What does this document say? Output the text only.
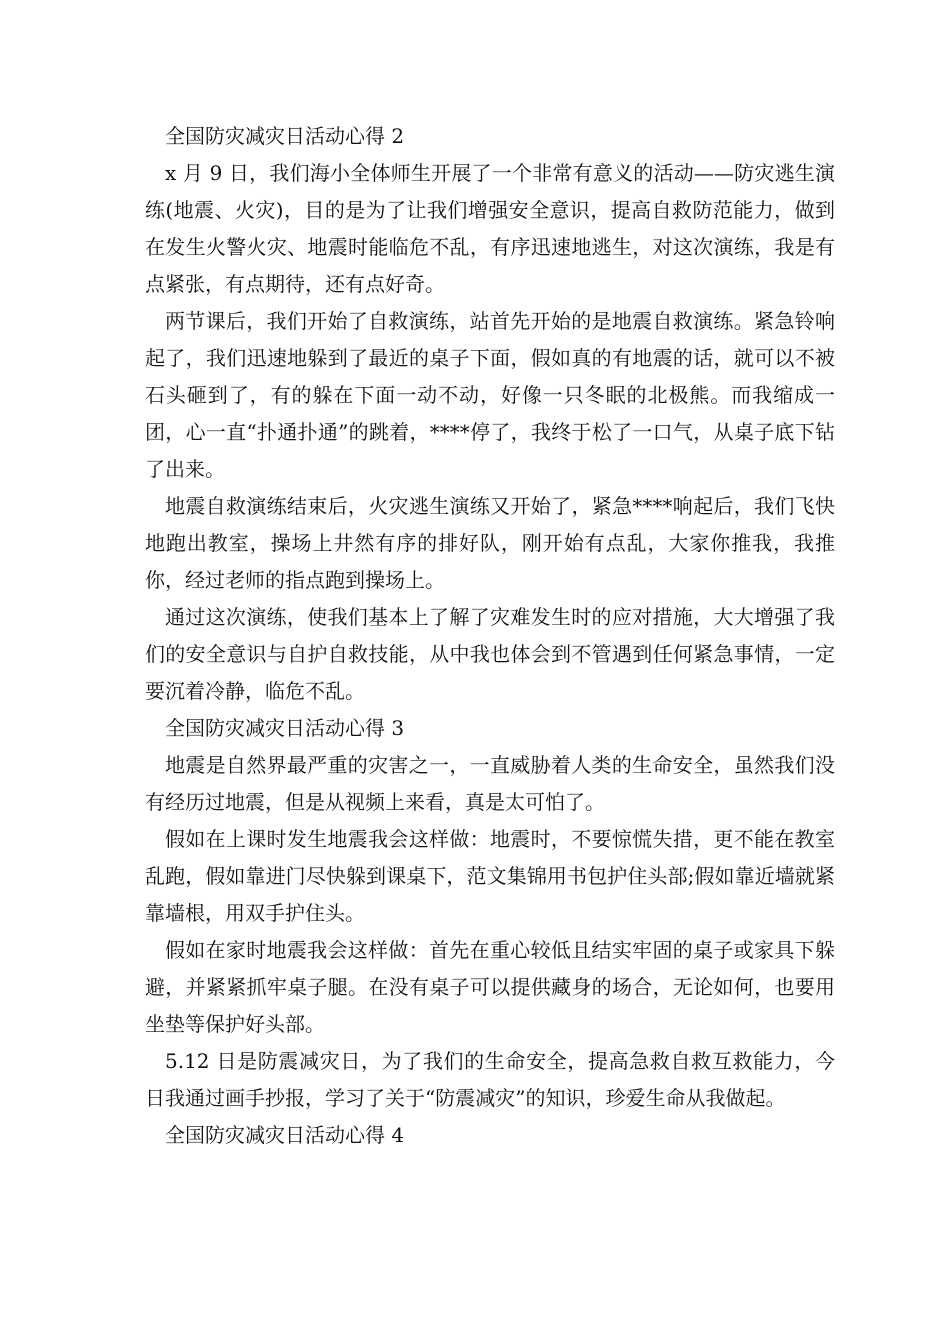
全国防灾减灾日活动心得 2

x 月 9 日，我们海小全体师生开展了一个非常有意义的活动——防灾逃生演练(地震、火灾)，目的是为了让我们增强安全意识，提高自救防范能力，做到在发生火警火灾、地震时能临危不乱，有序迅速地逃生，对这次演练，我是有点紧张，有点期待，还有点好奇。

两节课后，我们开始了自救演练，站首先开始的是地震自救演练。紧急铃响起了，我们迅速地躲到了最近的桌子下面，假如真的有地震的话，就可以不被石头砸到了，有的躲在下面一动不动，好像一只冬眠的北极熊。而我缩成一团，心一直“扑通扑通”的跳着，****停了，我终于松了一口气，从桌子底下钻了出来。

地震自救演练结束后，火灾逃生演练又开始了，紧急****响起后，我们飞快地跑出教室，操场上井然有序的排好队，刚开始有点乱，大家你推我，我推你，经过老师的指点跑到操场上。

通过这次演练，使我们基本上了解了灾难发生时的应对措施，大大增强了我们的安全意识与自护自救技能，从中我也体会到不管遇到任何紧急事情，一定要沉着冷静，临危不乱。

全国防灾减灾日活动心得 3

地震是自然界最严重的灾害之一，一直威胁着人类的生命安全，虽然我们没有经历过地震，但是从视频上来看，真是太可怕了。

假如在上课时发生地震我会这样做：地震时，不要惊慌失措，更不能在教室乱跑，假如靠进门尽快躲到课桌下，范文集锦用书包护住头部;假如靠近墙就紧靠墙根，用双手护住头。

假如在家时地震我会这样做：首先在重心较低且结实牢固的桌子或家具下躲避，并紧紧抓牢桌子腿。在没有桌子可以提供藏身的场合，无论如何，也要用坐垫等保护好头部。

5.12 日是防震减灾日，为了我们的生命安全，提高急救自救互救能力，今日我通过画手抄报，学习了关于“防震减灾”的知识，珍爱生命从我做起。

全国防灾减灾日活动心得 4
